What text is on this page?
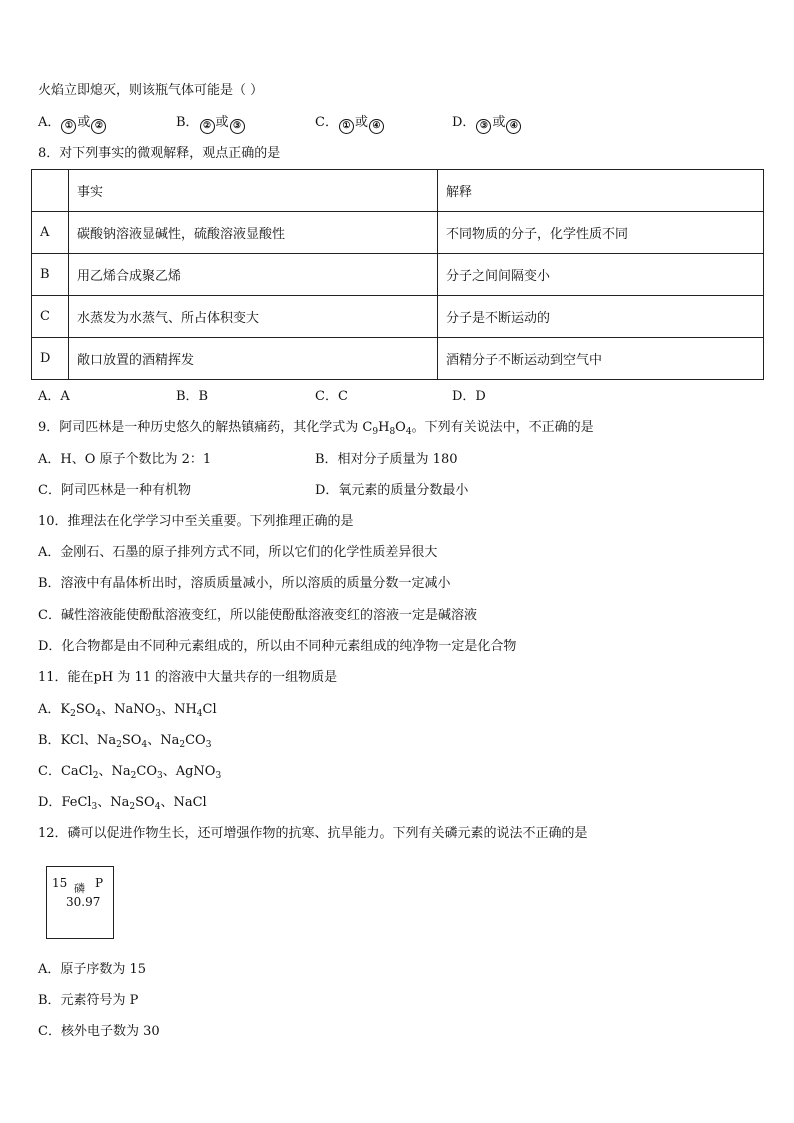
火焰立即熄灭，则该瓶气体可能是（ ）
A． ① 或 ②	B． ② 或 ③	C． ① 或 ④	D． ③ 或 ④
8．对下列事实的微观解释，观点正确的是
	事实	解释
A	碳酸钠溶液显碱性，硫酸溶液显酸性	不同物质的分子，化学性质不同
B	用乙烯合成聚乙烯	分子之间间隔变小
C	水蒸发为水蒸气、所占体积变大	分子是不断运动的
D	敞口放置的酒精挥发	酒精分子不断运动到空气中
A．A	B．B	C．C	D．D
9．阿司匹林是一种历史悠久的解热镇痛药，其化学式为 $C_9H_8O_4$。下列有关说法中，不正确的是
A．H、O 原子个数比为 2：1	B．相对分子质量为 180
C．阿司匹林是一种有机物	D．氧元素的质量分数最小
10．推理法在化学学习中至关重要。下列推理正确的是
A．金刚石、石墨的原子排列方式不同，所以它们的化学性质差异很大
B．溶液中有晶体析出时，溶质质量减小，所以溶质的质量分数一定减小
C．碱性溶液能使酚酞溶液变红，所以能使酚酞溶液变红的溶液一定是碱溶液
D．化合物都是由不同种元素组成的，所以由不同种元素组成的纯净物一定是化合物
11．能在pH 为 11 的溶液中大量共存的一组物质是
A．$K_2SO_4$、NaNO$_3$、$NH_4Cl$
B．KCl、$Na_2SO_4$、$Na_2CO_3$
C．CaCl$_2$、$Na_2CO_3$、AgNO$_3$
D．FeCl$_3$、$Na_2SO_4$、NaCl
12．磷可以促进作物生长，还可增强作物的抗寒、抗旱能力。下列有关磷元素的说法不正确的是
15 磷 P
30.97
A．原子序数为 15
B．元素符号为 P
C．核外电子数为 30
